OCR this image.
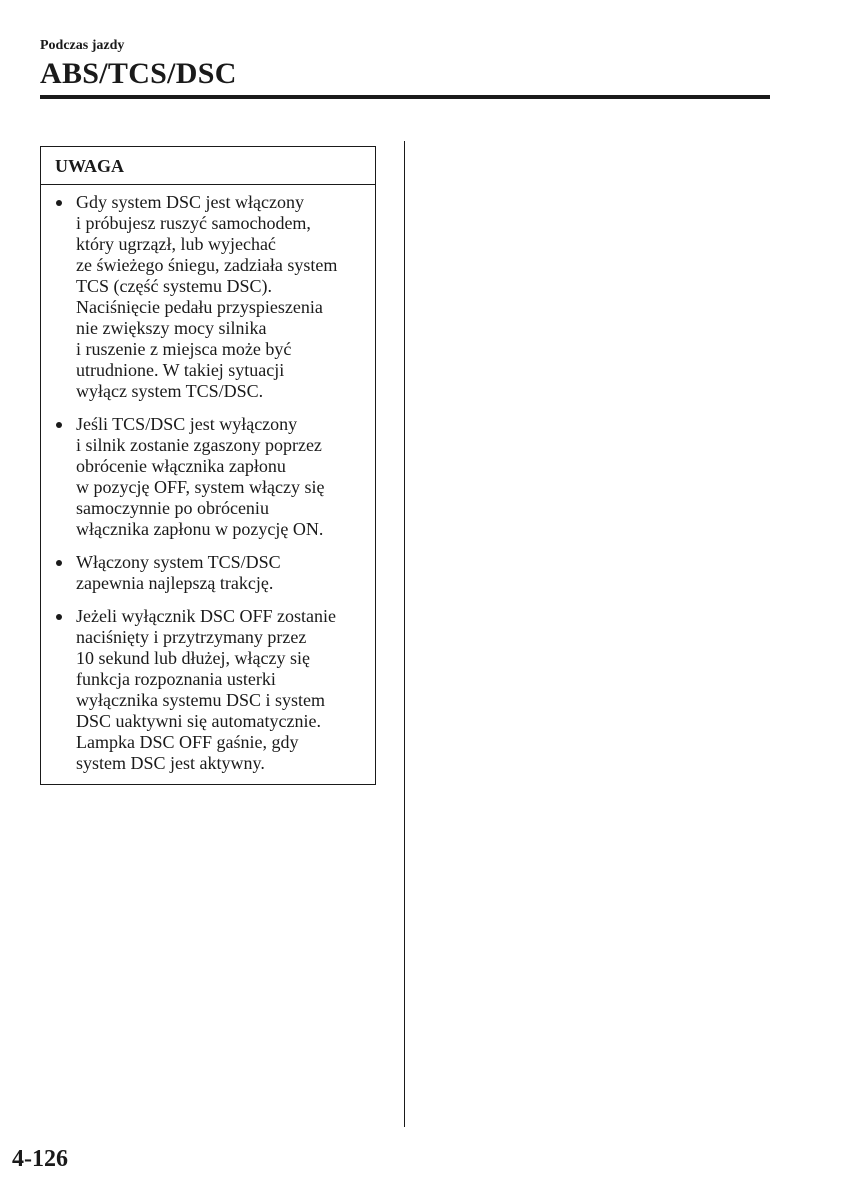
Podczas jazdy
ABS/TCS/DSC
UWAGA
Gdy system DSC jest włączony
i próbujesz ruszyć samochodem,
który ugrzązł, lub wyjechać
ze świeżego śniegu, zadziała system
TCS (część systemu DSC).
Naciśnięcie pedału przyspieszenia
nie zwiększy mocy silnika
i ruszenie z miejsca może być
utrudnione. W takiej sytuacji
wyłącz system TCS/DSC.
Jeśli TCS/DSC jest wyłączony
i silnik zostanie zgaszony poprzez
obrócenie włącznika zapłonu
w pozycję OFF, system włączy się
samoczynnie po obróceniu
włącznika zapłonu w pozycję ON.
Włączony system TCS/DSC
zapewnia najlepszą trakcję.
Jeżeli wyłącznik DSC OFF zostanie
naciśnięty i przytrzymany przez
10 sekund lub dłużej, włączy się
funkcja rozpoznania usterki
wyłącznika systemu DSC i system
DSC uaktywni się automatycznie.
Lampka DSC OFF gaśnie, gdy
system DSC jest aktywny.
4-126
